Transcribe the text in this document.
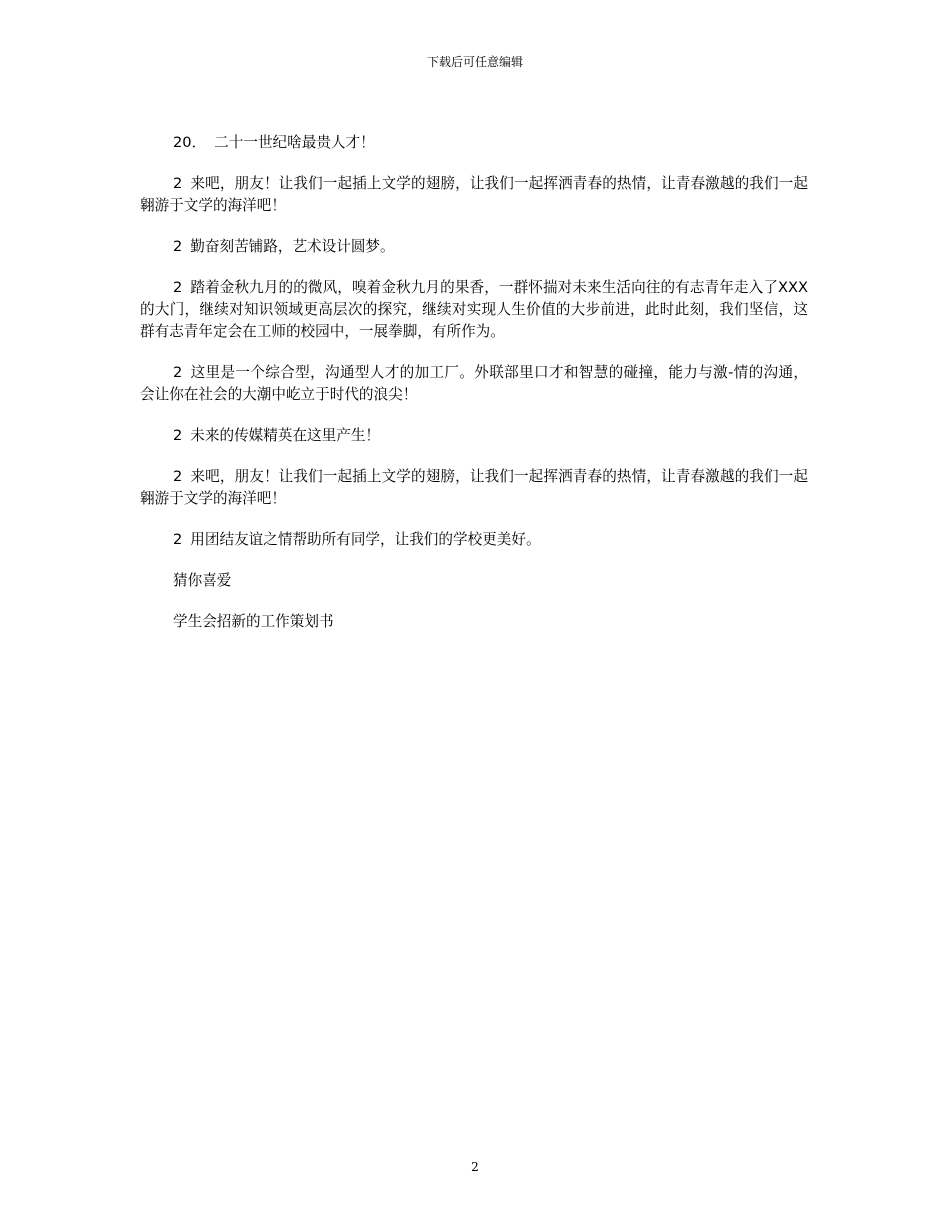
下载后可任意编辑

20． 二十一世纪啥最贵人才！

2 来吧，朋友！让我们一起插上文学的翅膀，让我们一起挥洒青春的热情，让青春激越的我们一起翱游于文学的海洋吧！

2 勤奋刻苦铺路，艺术设计圆梦。

2 踏着金秋九月的的微风，嗅着金秋九月的果香，一群怀揣对未来生活向往的有志青年走入了XXX的大门，继续对知识领域更高层次的探究，继续对实现人生价值的大步前进，此时此刻，我们坚信，这群有志青年定会在工师的校园中，一展拳脚，有所作为。

2 这里是一个综合型，沟通型人才的加工厂。外联部里口才和智慧的碰撞，能力与激-情的沟通，会让你在社会的大潮中屹立于时代的浪尖！

2 未来的传媒精英在这里产生！

2 来吧，朋友！让我们一起插上文学的翅膀，让我们一起挥洒青春的热情，让青春激越的我们一起翱游于文学的海洋吧！

2 用团结友谊之情帮助所有同学，让我们的学校更美好。

猜你喜爱

学生会招新的工作策划书

2
